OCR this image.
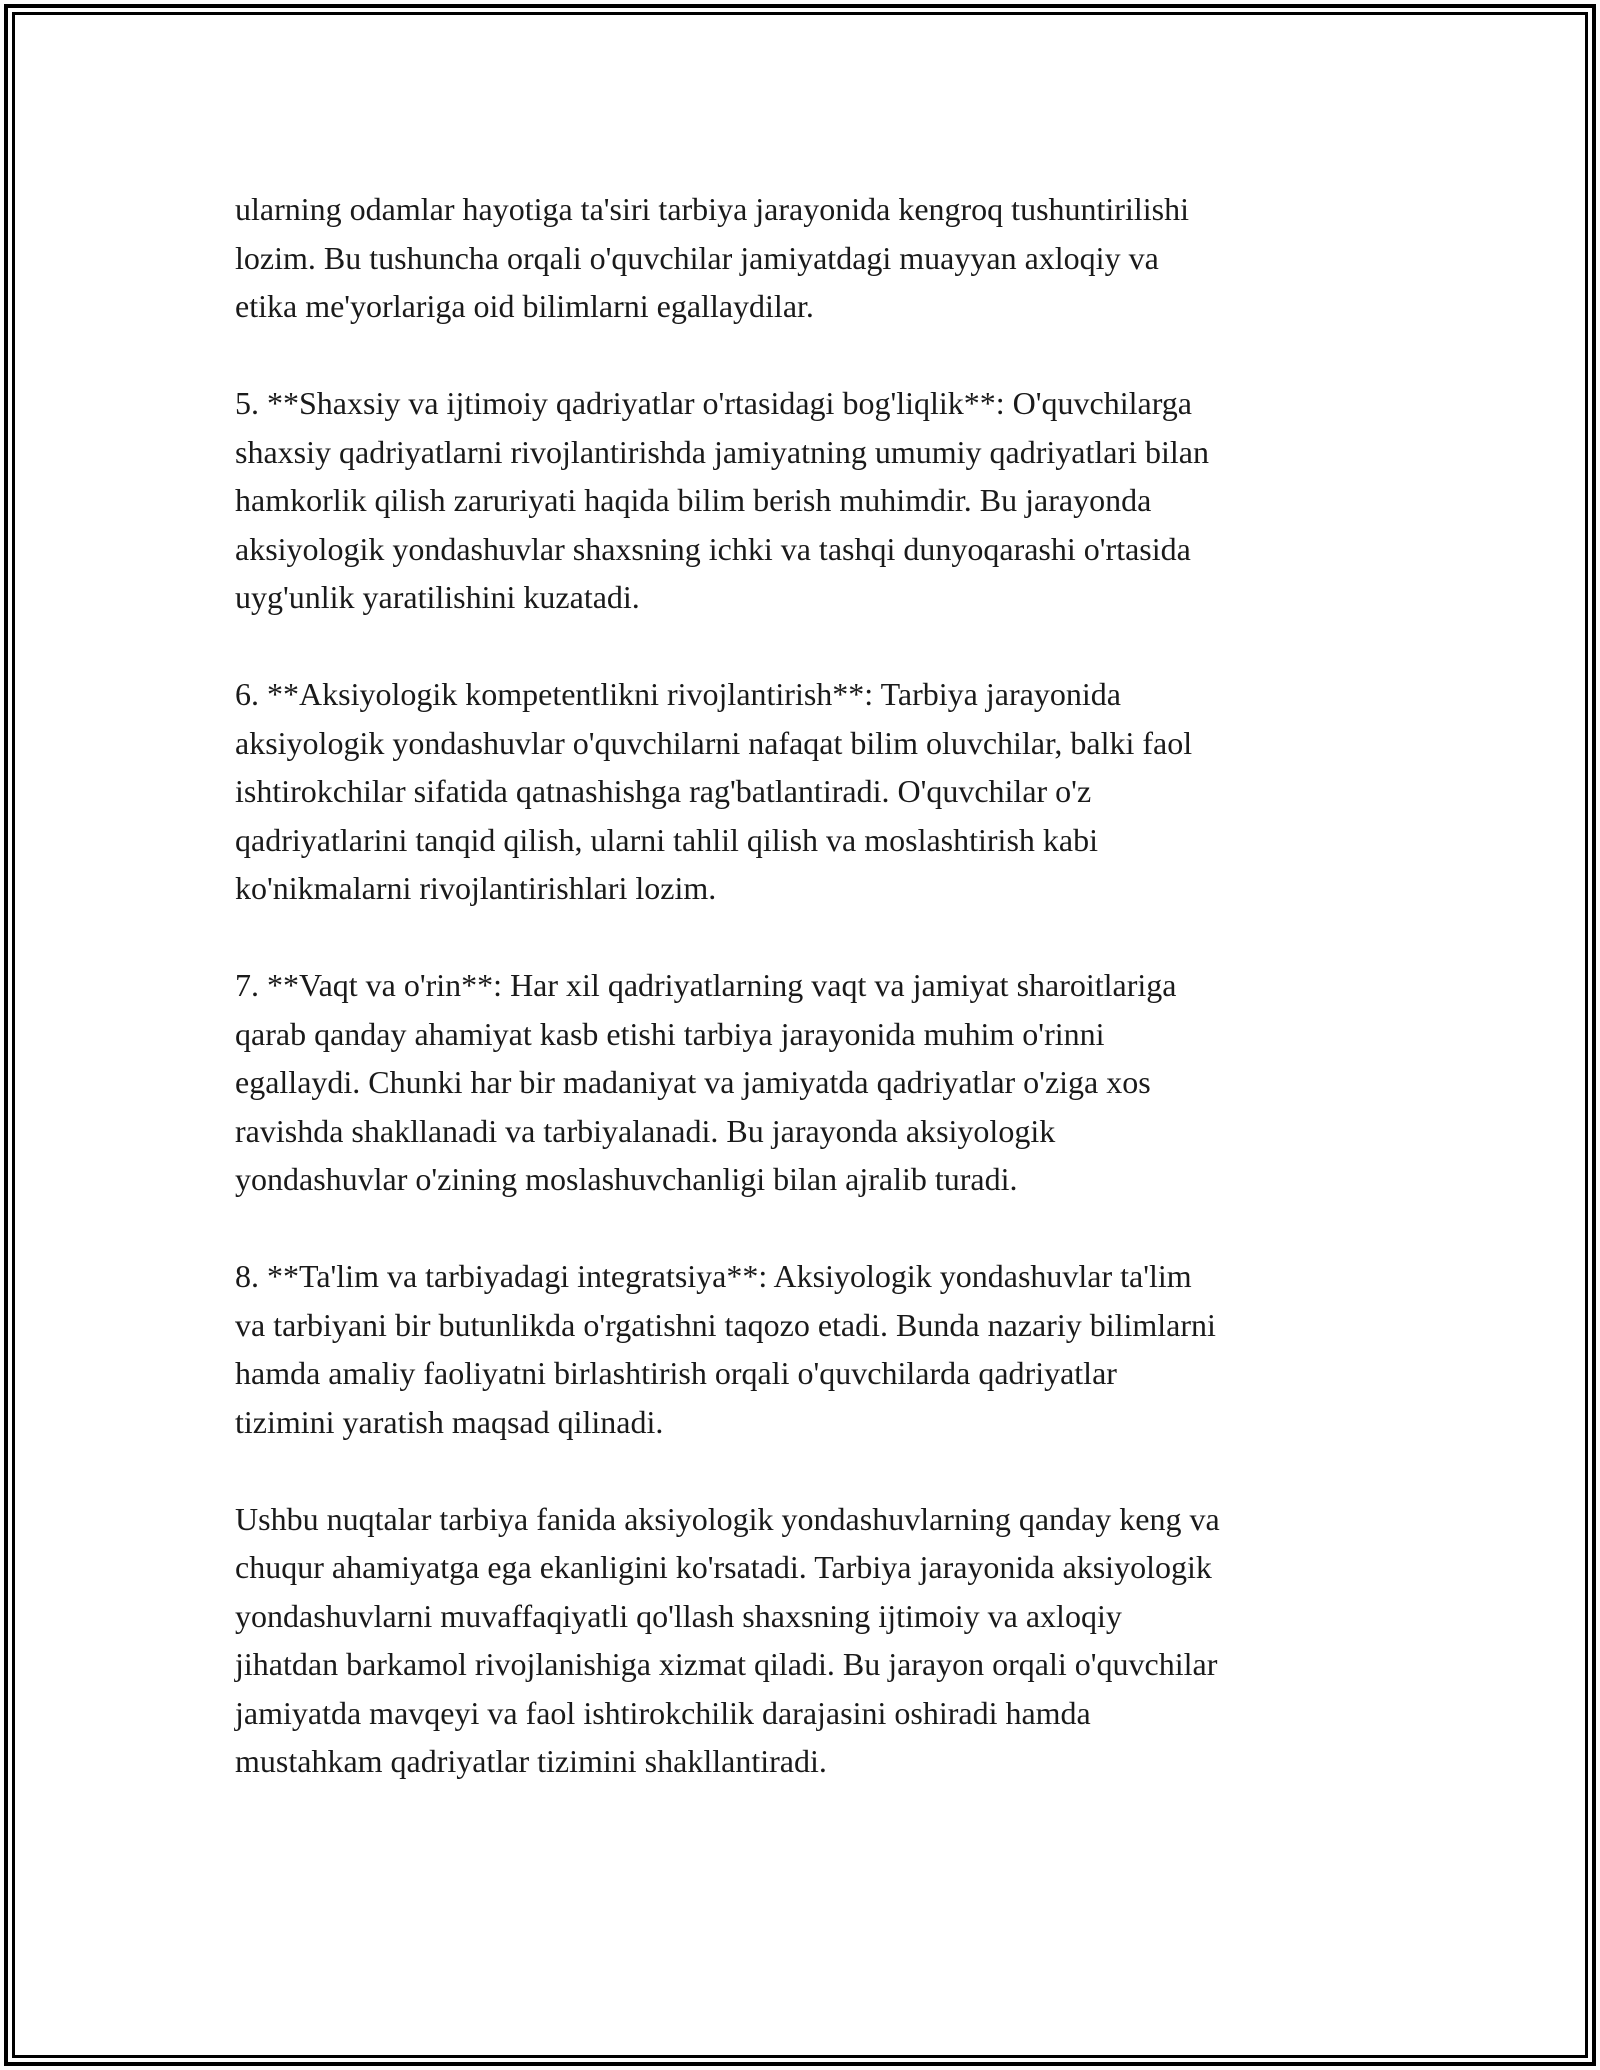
ularning odamlar hayotiga ta'siri tarbiya jarayonida kengroq tushuntirilishi
lozim. Bu tushuncha orqali o'quvchilar jamiyatdagi muayyan axloqiy va
etika me'yorlariga oid bilimlarni egallaydilar.

5. **Shaxsiy va ijtimoiy qadriyatlar o'rtasidagi bog'liqlik**: O'quvchilarga
shaxsiy qadriyatlarni rivojlantirishda jamiyatning umumiy qadriyatlari bilan
hamkorlik qilish zaruriyati haqida bilim berish muhimdir. Bu jarayonda
aksiyologik yondashuvlar shaxsning ichki va tashqi dunyoqarashi o'rtasida
uyg'unlik yaratilishini kuzatadi.

6. **Aksiyologik kompetentlikni rivojlantirish**: Tarbiya jarayonida
aksiyologik yondashuvlar o'quvchilarni nafaqat bilim oluvchilar, balki faol
ishtirokchilar sifatida qatnashishga rag'batlantiradi. O'quvchilar o'z
qadriyatlarini tanqid qilish, ularni tahlil qilish va moslashtirish kabi
ko'nikmalarni rivojlantirishlari lozim.

7. **Vaqt va o'rin**: Har xil qadriyatlarning vaqt va jamiyat sharoitlariga
qarab qanday ahamiyat kasb etishi tarbiya jarayonida muhim o'rinni
egallaydi. Chunki har bir madaniyat va jamiyatda qadriyatlar o'ziga xos
ravishda shakllanadi va tarbiyalanadi. Bu jarayonda aksiyologik
yondashuvlar o'zining moslashuvchanligi bilan ajralib turadi.

8. **Ta'lim va tarbiyadagi integratsiya**: Aksiyologik yondashuvlar ta'lim
va tarbiyani bir butunlikda o'rgatishni taqozo etadi. Bunda nazariy bilimlarni
hamda amaliy faoliyatni birlashtirish orqali o'quvchilarda qadriyatlar
tizimini yaratish maqsad qilinadi.

Ushbu nuqtalar tarbiya fanida aksiyologik yondashuvlarning qanday keng va
chuqur ahamiyatga ega ekanligini ko'rsatadi. Tarbiya jarayonida aksiyologik
yondashuvlarni muvaffaqiyatli qo'llash shaxsning ijtimoiy va axloqiy
jihatdan barkamol rivojlanishiga xizmat qiladi. Bu jarayon orqali o'quvchilar
jamiyatda mavqeyi va faol ishtirokchilik darajasini oshiradi hamda
mustahkam qadriyatlar tizimini shakllantiradi.
